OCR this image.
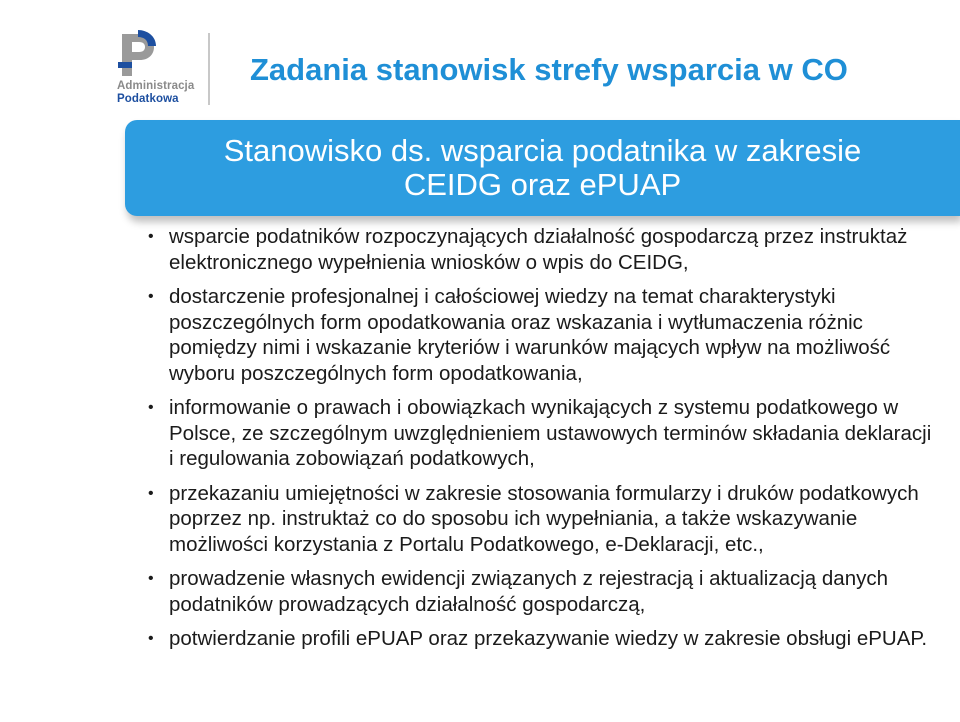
Administracja
Podatkowa
Zadania stanowisk strefy wsparcia w CO
Stanowisko ds. wsparcia podatnika w zakresie
CEIDG oraz ePUAP
• wsparcie podatników rozpoczynających działalność gospodarczą przez instruktaż elektronicznego wypełnienia wniosków o wpis do CEIDG,
• dostarczenie profesjonalnej i całościowej wiedzy na temat charakterystyki poszczególnych form opodatkowania oraz wskazania i wytłumaczenia różnic pomiędzy nimi i wskazanie kryteriów i warunków mających wpływ na możliwość wyboru poszczególnych form opodatkowania,
• informowanie o prawach i obowiązkach wynikających z systemu podatkowego w Polsce, ze szczególnym uwzględnieniem ustawowych terminów składania deklaracji i regulowania zobowiązań podatkowych,
• przekazaniu umiejętności w zakresie stosowania formularzy i druków podatkowych poprzez np. instruktaż co do sposobu ich wypełniania, a także wskazywanie możliwości korzystania z Portalu Podatkowego, e-Deklaracji, etc.,
• prowadzenie własnych ewidencji związanych z rejestracją i aktualizacją danych podatników prowadzących działalność gospodarczą,
• potwierdzanie profili ePUAP oraz przekazywanie wiedzy w zakresie obsługi ePUAP.
